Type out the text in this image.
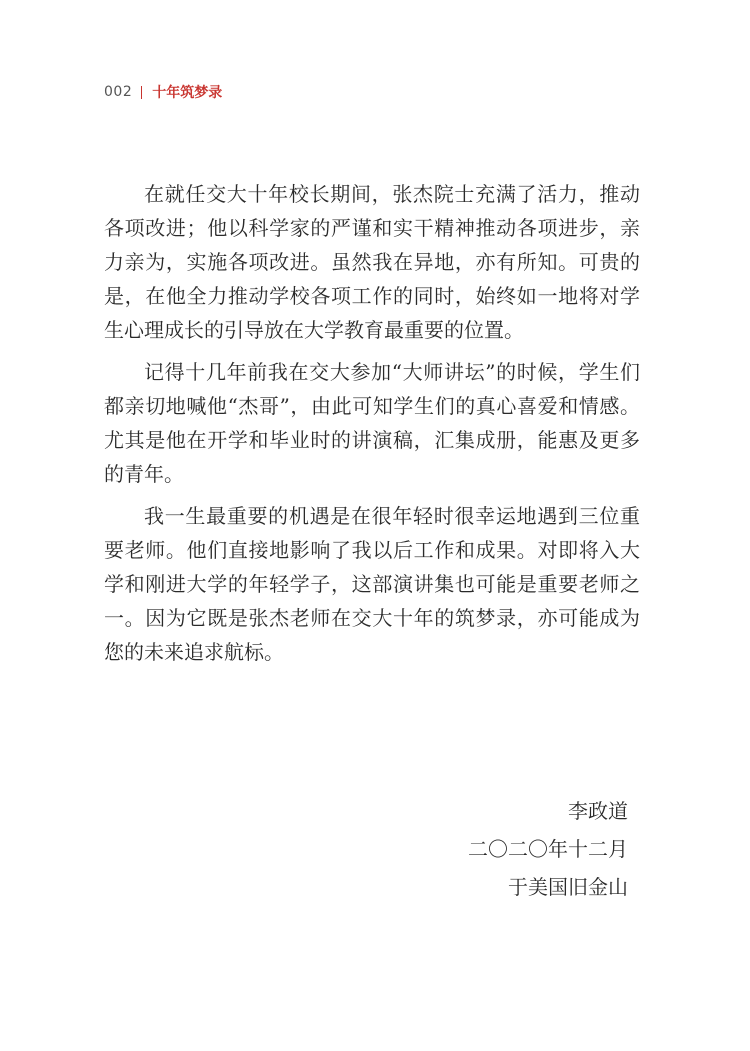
002 十年筑梦录

在就任交大十年校长期间，张杰院士充满了活力，推动各项改进；他以科学家的严谨和实干精神推动各项进步，亲力亲为，实施各项改进。虽然我在异地，亦有所知。可贵的是，在他全力推动学校各项工作的同时，始终如一地将对学生心理成长的引导放在大学教育最重要的位置。

记得十几年前我在交大参加“大师讲坛”的时候，学生们都亲切地喊他“杰哥”，由此可知学生们的真心喜爱和情感。尤其是他在开学和毕业时的讲演稿，汇集成册，能惠及更多的青年。

我一生最重要的机遇是在很年轻时很幸运地遇到三位重要老师。他们直接地影响了我以后工作和成果。对即将入大学和刚进大学的年轻学子，这部演讲集也可能是重要老师之一。因为它既是张杰老师在交大十年的筑梦录，亦可能成为您的未来追求航标。

李政道
二〇二〇年十二月
于美国旧金山
